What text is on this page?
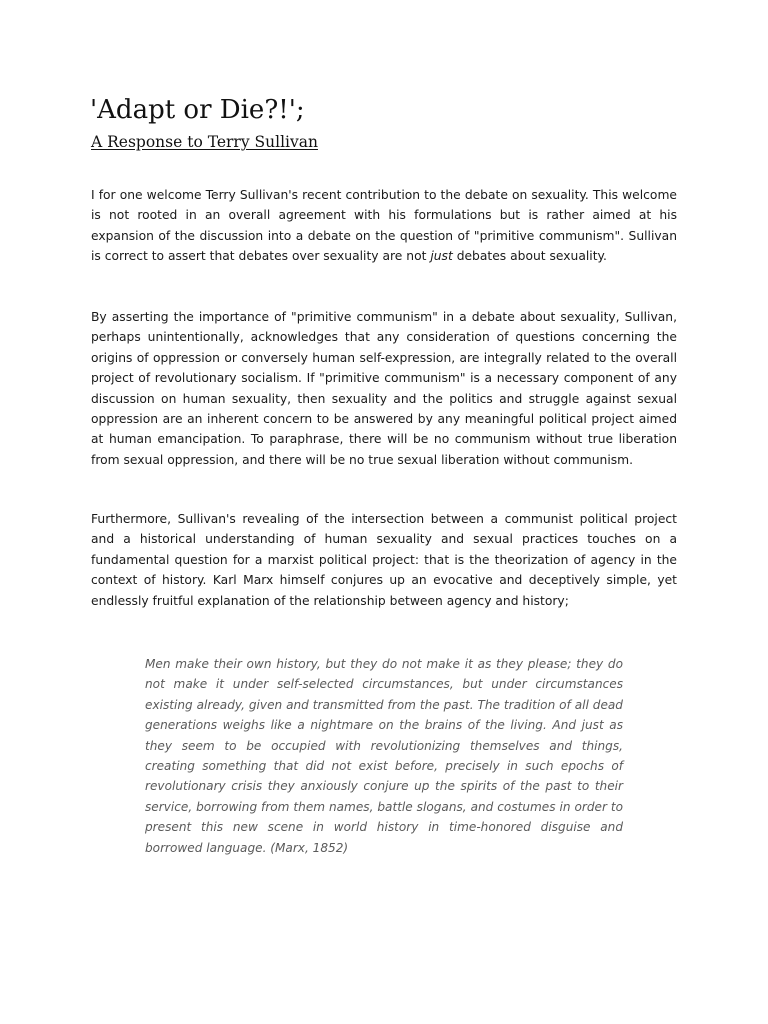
'Adapt or Die?!';
A Response to Terry Sullivan

I for one welcome Terry Sullivan's recent contribution to the debate on sexuality. This welcome is not rooted in an overall agreement with his formulations but is rather aimed at his expansion of the discussion into a debate on the question of "primitive communism". Sullivan is correct to assert that debates over sexuality are not just debates about sexuality.

By asserting the importance of "primitive communism" in a debate about sexuality, Sullivan, perhaps unintentionally, acknowledges that any consideration of questions concerning the origins of oppression or conversely human self-expression, are integrally related to the overall project of revolutionary socialism. If "primitive communism" is a necessary component of any discussion on human sexuality, then sexuality and the politics and struggle against sexual oppression are an inherent concern to be answered by any meaningful political project aimed at human emancipation. To paraphrase, there will be no communism without true liberation from sexual oppression, and there will be no true sexual liberation without communism.

Furthermore, Sullivan's revealing of the intersection between a communist political project and a historical understanding of human sexuality and sexual practices touches on a fundamental question for a marxist political project: that is the theorization of agency in the context of history. Karl Marx himself conjures up an evocative and deceptively simple, yet endlessly fruitful explanation of the relationship between agency and history;

Men make their own history, but they do not make it as they please; they do not make it under self-selected circumstances, but under circumstances existing already, given and transmitted from the past. The tradition of all dead generations weighs like a nightmare on the brains of the living. And just as they seem to be occupied with revolutionizing themselves and things, creating something that did not exist before, precisely in such epochs of revolutionary crisis they anxiously conjure up the spirits of the past to their service, borrowing from them names, battle slogans, and costumes in order to present this new scene in world history in time-honored disguise and borrowed language. (Marx, 1852)
